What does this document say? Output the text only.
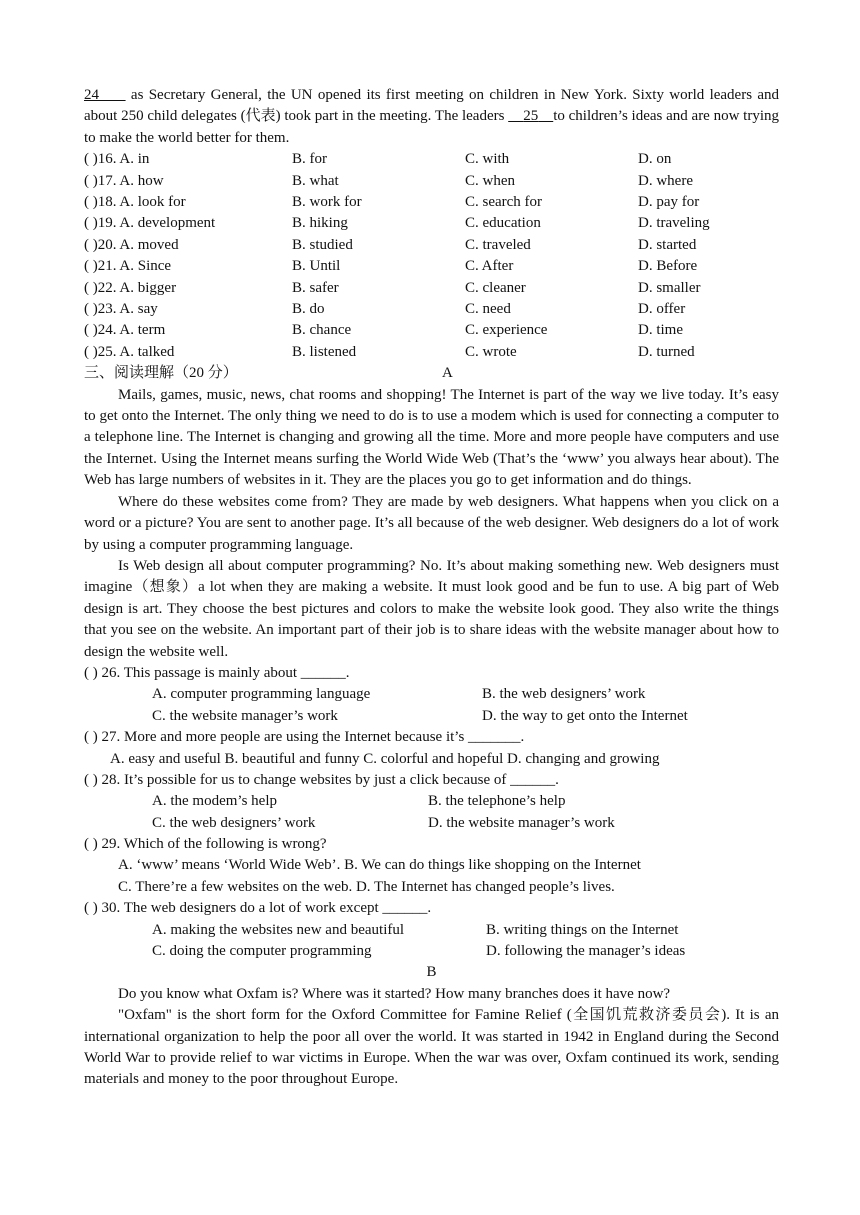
24      as Secretary General, the UN opened its first meeting on children in New York. Sixty world leaders and about 250 child delegates (代表) took part in the meeting. The leaders     25 to children’s ideas and are now trying to make the world better for them.

( )16. A. in	B. for	C. with	D. on
( )17. A. how	B. what	C. when	D. where
( )18. A. look for	B. work for	C. search for	D. pay for
( )19. A. development	B. hiking	C. education	D. traveling
( )20. A. moved	B. studied	C. traveled	D. started
( )21. A. Since	B. Until	C. After	D. Before
( )22. A. bigger	B. safer	C. cleaner	D. smaller
( )23. A. say	B. do	C. need	D. offer
( )24. A. term	B. chance	C. experience	D. time
( )25. A. talked	B. listened	C. wrote	D. turned
三、阅读理解（20 分）	A

Mails, games, music, news, chat rooms and shopping! The Internet is part of the way we live today. It’s easy to get onto the Internet. The only thing we need to do is to use a modem which is used for connecting a computer to a telephone line. The Internet is changing and growing all the time. More and more people have computers and use the Internet. Using the Internet means surfing the World Wide Web (That’s the ‘www’ you always hear about). The Web has large numbers of websites in it. They are the places you go to get information and do things.

Where do these websites come from? They are made by web designers. What happens when you click on a word or a picture? You are sent to another page. It’s all because of the web designer. Web designers do a lot of work by using a computer programming language.

Is Web design all about computer programming? No. It’s about making something new. Web designers must imagine（想象）a lot when they are making a website. It must look good and be fun to use. A big part of Web design is art. They choose the best pictures and colors to make the website look good. They also write the things that you see on the website. An important part of their job is to share ideas with the website manager about how to design the website well.

( ) 26. This passage is mainly about ______.
A. computer programming language	B. the web designers’ work
C. the website manager’s work	D. the way to get onto the Internet
( ) 27. More and more people are using the Internet because it’s _______.
A. easy and useful B. beautiful and funny C. colorful and hopeful D. changing and growing
( ) 28. It’s possible for us to change websites by just a click because of ______.
A. the modem’s help	B. the telephone’s help
C. the web designers’ work	D. the website manager’s work
( ) 29. Which of the following is wrong?
A. ‘www’ means ‘World Wide Web’. B. We can do things like shopping on the Internet
C. There’re a few websites on the web. D. The Internet has changed people’s lives.
( ) 30. The web designers do a lot of work except ______.
A. making the websites new and beautiful	B. writing things on the Internet
C. doing the computer programming	D. following the manager’s ideas
B

Do you know what Oxfam is? Where was it started? How many branches does it have now?

"Oxfam" is the short form for the Oxford Committee for Famine Relief (全国饥荒救济委员会). It is an international organization to help the poor all over the world. It was started in 1942 in England during the Second World War to provide relief to war victims in Europe. When the war was over, Oxfam continued its work, sending materials and money to the poor throughout Europe.
